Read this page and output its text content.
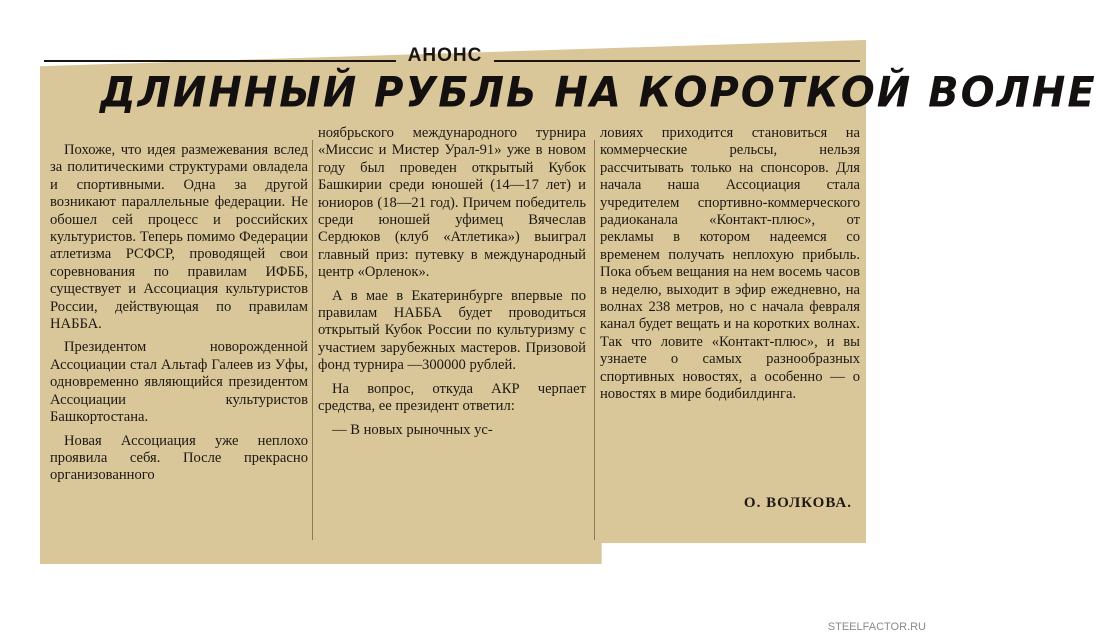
АНОНС
ДЛИННЫЙ РУБЛЬ НА КОРОТКОЙ ВОЛНЕ

Похоже, что идея размежевания вслед за политическими структурами овладела и спортивными. Одна за другой возникают параллельные федерации. Не обошел сей процесс и российских культуристов. Теперь помимо Федерации атлетизма РСФСР, проводящей свои соревнования по правилам ИФББ, существует и Ассоциация культуристов России, действующая по правилам НАББА.

Президентом новорожденной Ассоциации стал Альтаф Галеев из Уфы, одновременно являющийся президентом Ассоциации культуристов Башкортостана.

Новая Ассоциация уже неплохо проявила себя. После прекрасно организованного

ноябрьского международного турнира «Миссис и Мистер Урал-91» уже в новом году был проведен открытый Кубок Башкирии среди юношей (14—17 лет) и юниоров (18—21 год). Причем победитель среди юношей уфимец Вячеслав Сердюков (клуб «Атлетика») выиграл главный приз: путевку в международный центр «Орленок».

А в мае в Екатеринбурге впервые по правилам НАББА будет проводиться открытый Кубок России по культуризму с участием зарубежных мастеров. Призовой фонд турнира —300000 рублей.

На вопрос, откуда АКР черпает средства, ее президент ответил:

— В новых рыночных ус-

ловиях приходится становиться на коммерческие рельсы, нельзя рассчитывать только на спонсоров. Для начала наша Ассоциация стала учредителем спортивно-коммерческого радиоканала «Контакт-плюс», от рекламы в котором надеемся со временем получать неплохую прибыль. Пока объем вещания на нем восемь часов в неделю, выходит в эфир ежедневно, на волнах 238 метров, но с начала февраля канал будет вещать и на коротких волнах. Так что ловите «Контакт-плюс», и вы узнаете о самых разнообразных спортивных новостях, а особенно — о новостях в мире бодибилдинга.

О. ВОЛКОВА.
STEELFACTOR.RU
